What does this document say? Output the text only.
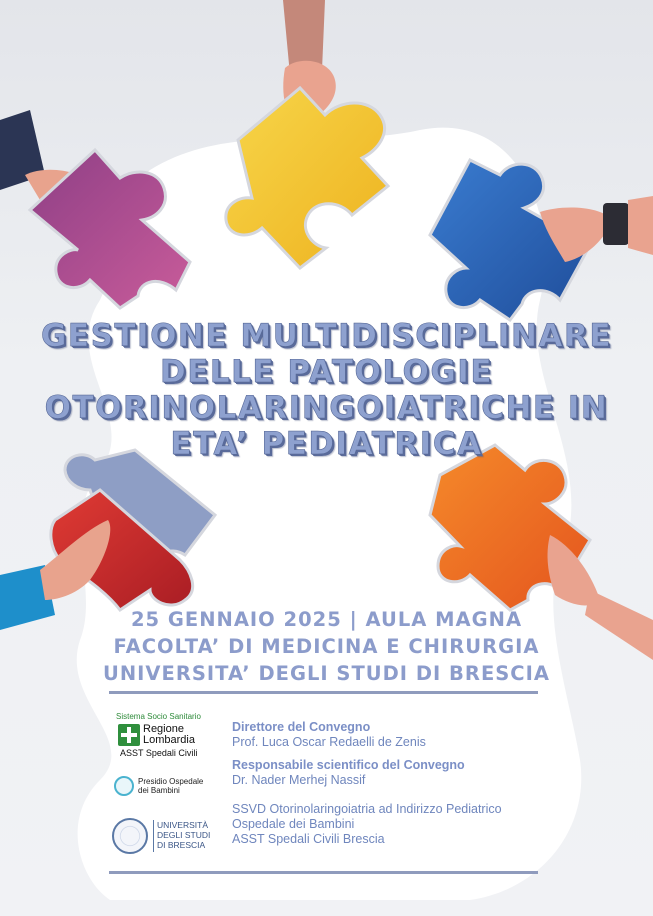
GESTIONE MULTIDISCIPLINARE
DELLE PATOLOGIE
OTORINOLARINGOIATRICHE IN
ETA’ PEDIATRICA
25 GENNAIO 2025 | AULA MAGNA
FACOLTA’ DI MEDICINA E CHIRURGIA
UNIVERSITA’ DEGLI STUDI DI BRESCIA
Sistema Socio Sanitario
Regione
Lombardia
ASST Spedali Civili
Presidio Ospedale
dei Bambini
UNIVERSITÀ
DEGLI STUDI
DI BRESCIA
Direttore del Convegno
Prof. Luca Oscar Redaelli de Zenis
Responsabile scientifico del Convegno
Dr. Nader Merhej Nassif
SSVD Otorinolaringoiatria ad Indirizzo Pediatrico
Ospedale dei Bambini
ASST Spedali Civili Brescia
